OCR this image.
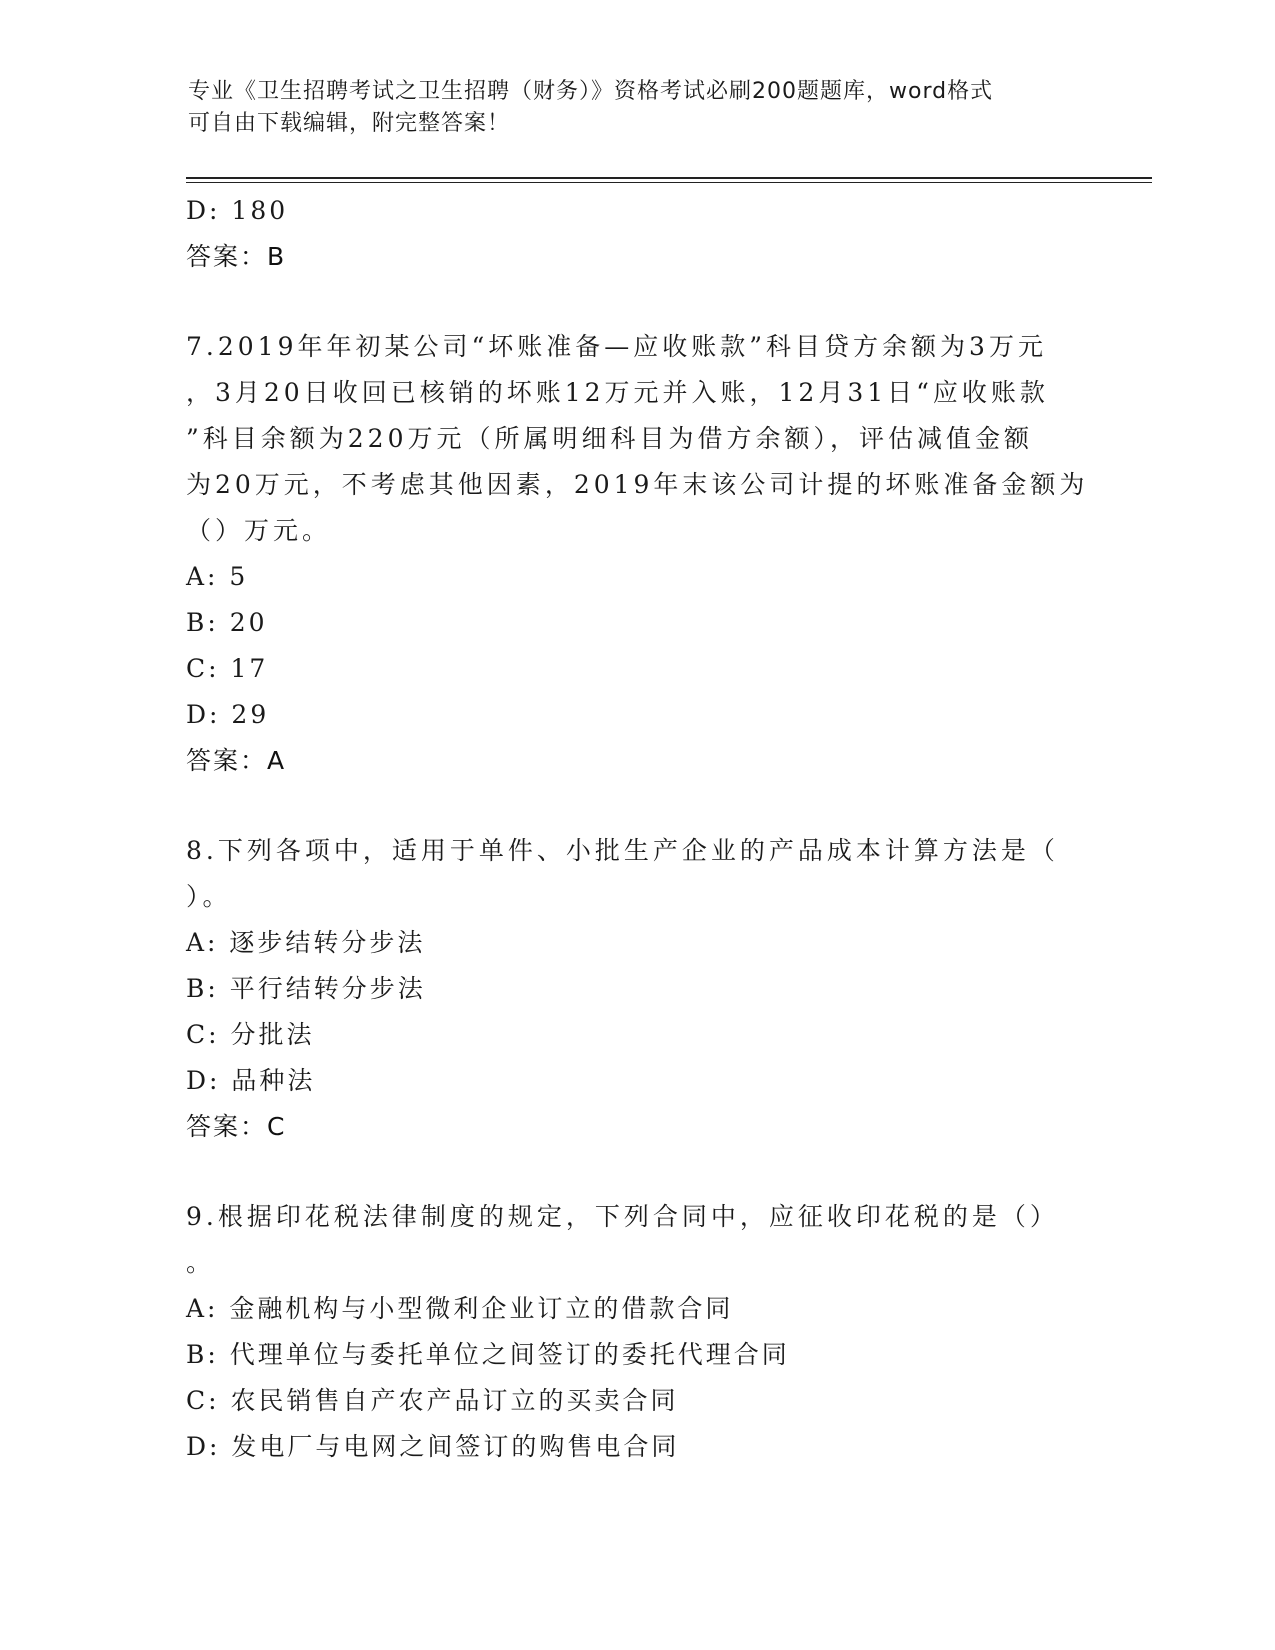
专业《卫生招聘考试之卫生招聘（财务）》资格考试必刷200题题库，word格式
可自由下载编辑，附完整答案！
D: 180
答案：B
7.2019年年初某公司“坏账准备—应收账款”科目贷方余额为3万元
，3月20日收回已核销的坏账12万元并入账，12月31日“应收账款
”科目余额为220万元（所属明细科目为借方余额），评估减值金额
为20万元，不考虑其他因素，2019年末该公司计提的坏账准备金额为
（）万元。
A: 5
B: 20
C: 17
D: 29
答案：A
8.下列各项中，适用于单件、小批生产企业的产品成本计算方法是（
）。
A: 逐步结转分步法
B: 平行结转分步法
C: 分批法
D: 品种法
答案：C
9.根据印花税法律制度的规定，下列合同中，应征收印花税的是（）
。
A: 金融机构与小型微利企业订立的借款合同
B: 代理单位与委托单位之间签订的委托代理合同
C: 农民销售自产农产品订立的买卖合同
D: 发电厂与电网之间签订的购售电合同
